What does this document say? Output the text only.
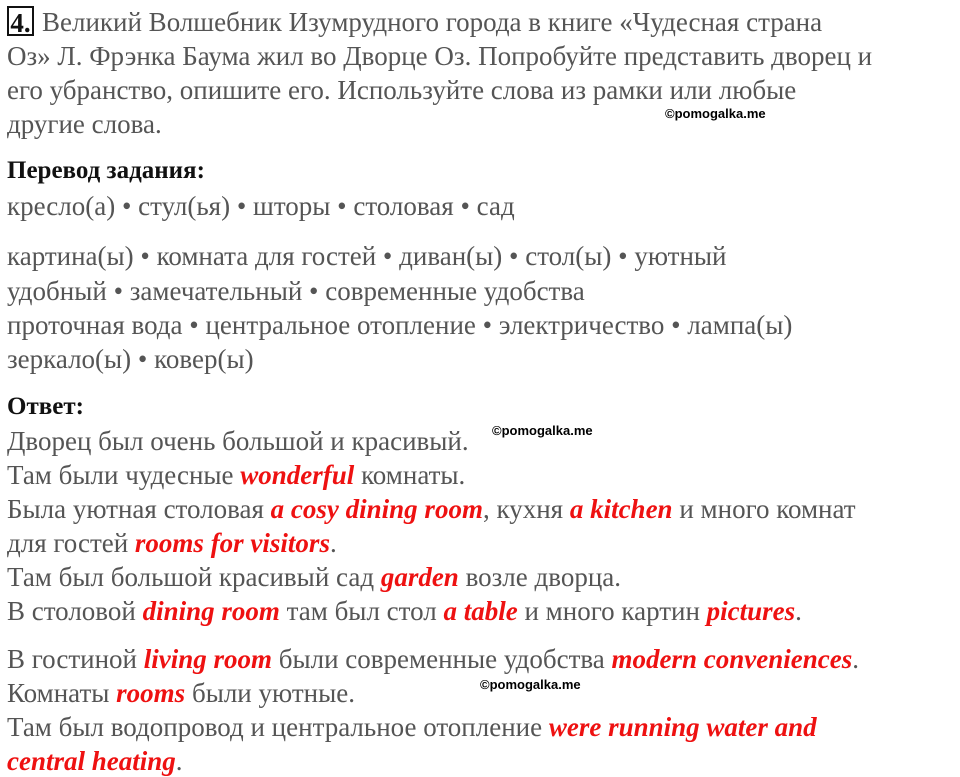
4. Великий Волшебник Изумрудного города в книге «Чудесная страна
Оз» Л. Фрэнка Баума жил во Дворце Оз. Попробуйте представить дворец и
его убранство, опишите его. Используйте слова из рамки или любые
другие слова.	©pomogalka.me
Перевод задания:
кресло(а) • стул(ья) • шторы • столовая • сад
картина(ы) • комната для гостей • диван(ы) • стол(ы) • уютный
удобный • замечательный • современные удобства
проточная вода • центральное отопление • электричество • лампа(ы)
зеркало(ы) • ковер(ы)
Ответ:
Дворец был очень большой и красивый. ©pomogalka.me
Там были чудесные wonderful комнаты.
Была уютная столовая a cosy dining room, кухня a kitchen и много комнат
для гостей rooms for visitors.
Там был большой красивый сад garden возле дворца.
В столовой dining room там был стол a table и много картин pictures.
В гостиной living room были современные удобства modern conveniences.
Комнаты rooms были уютные.	©pomogalka.me
Там был водопровод и центральное отопление were running water and
central heating.
